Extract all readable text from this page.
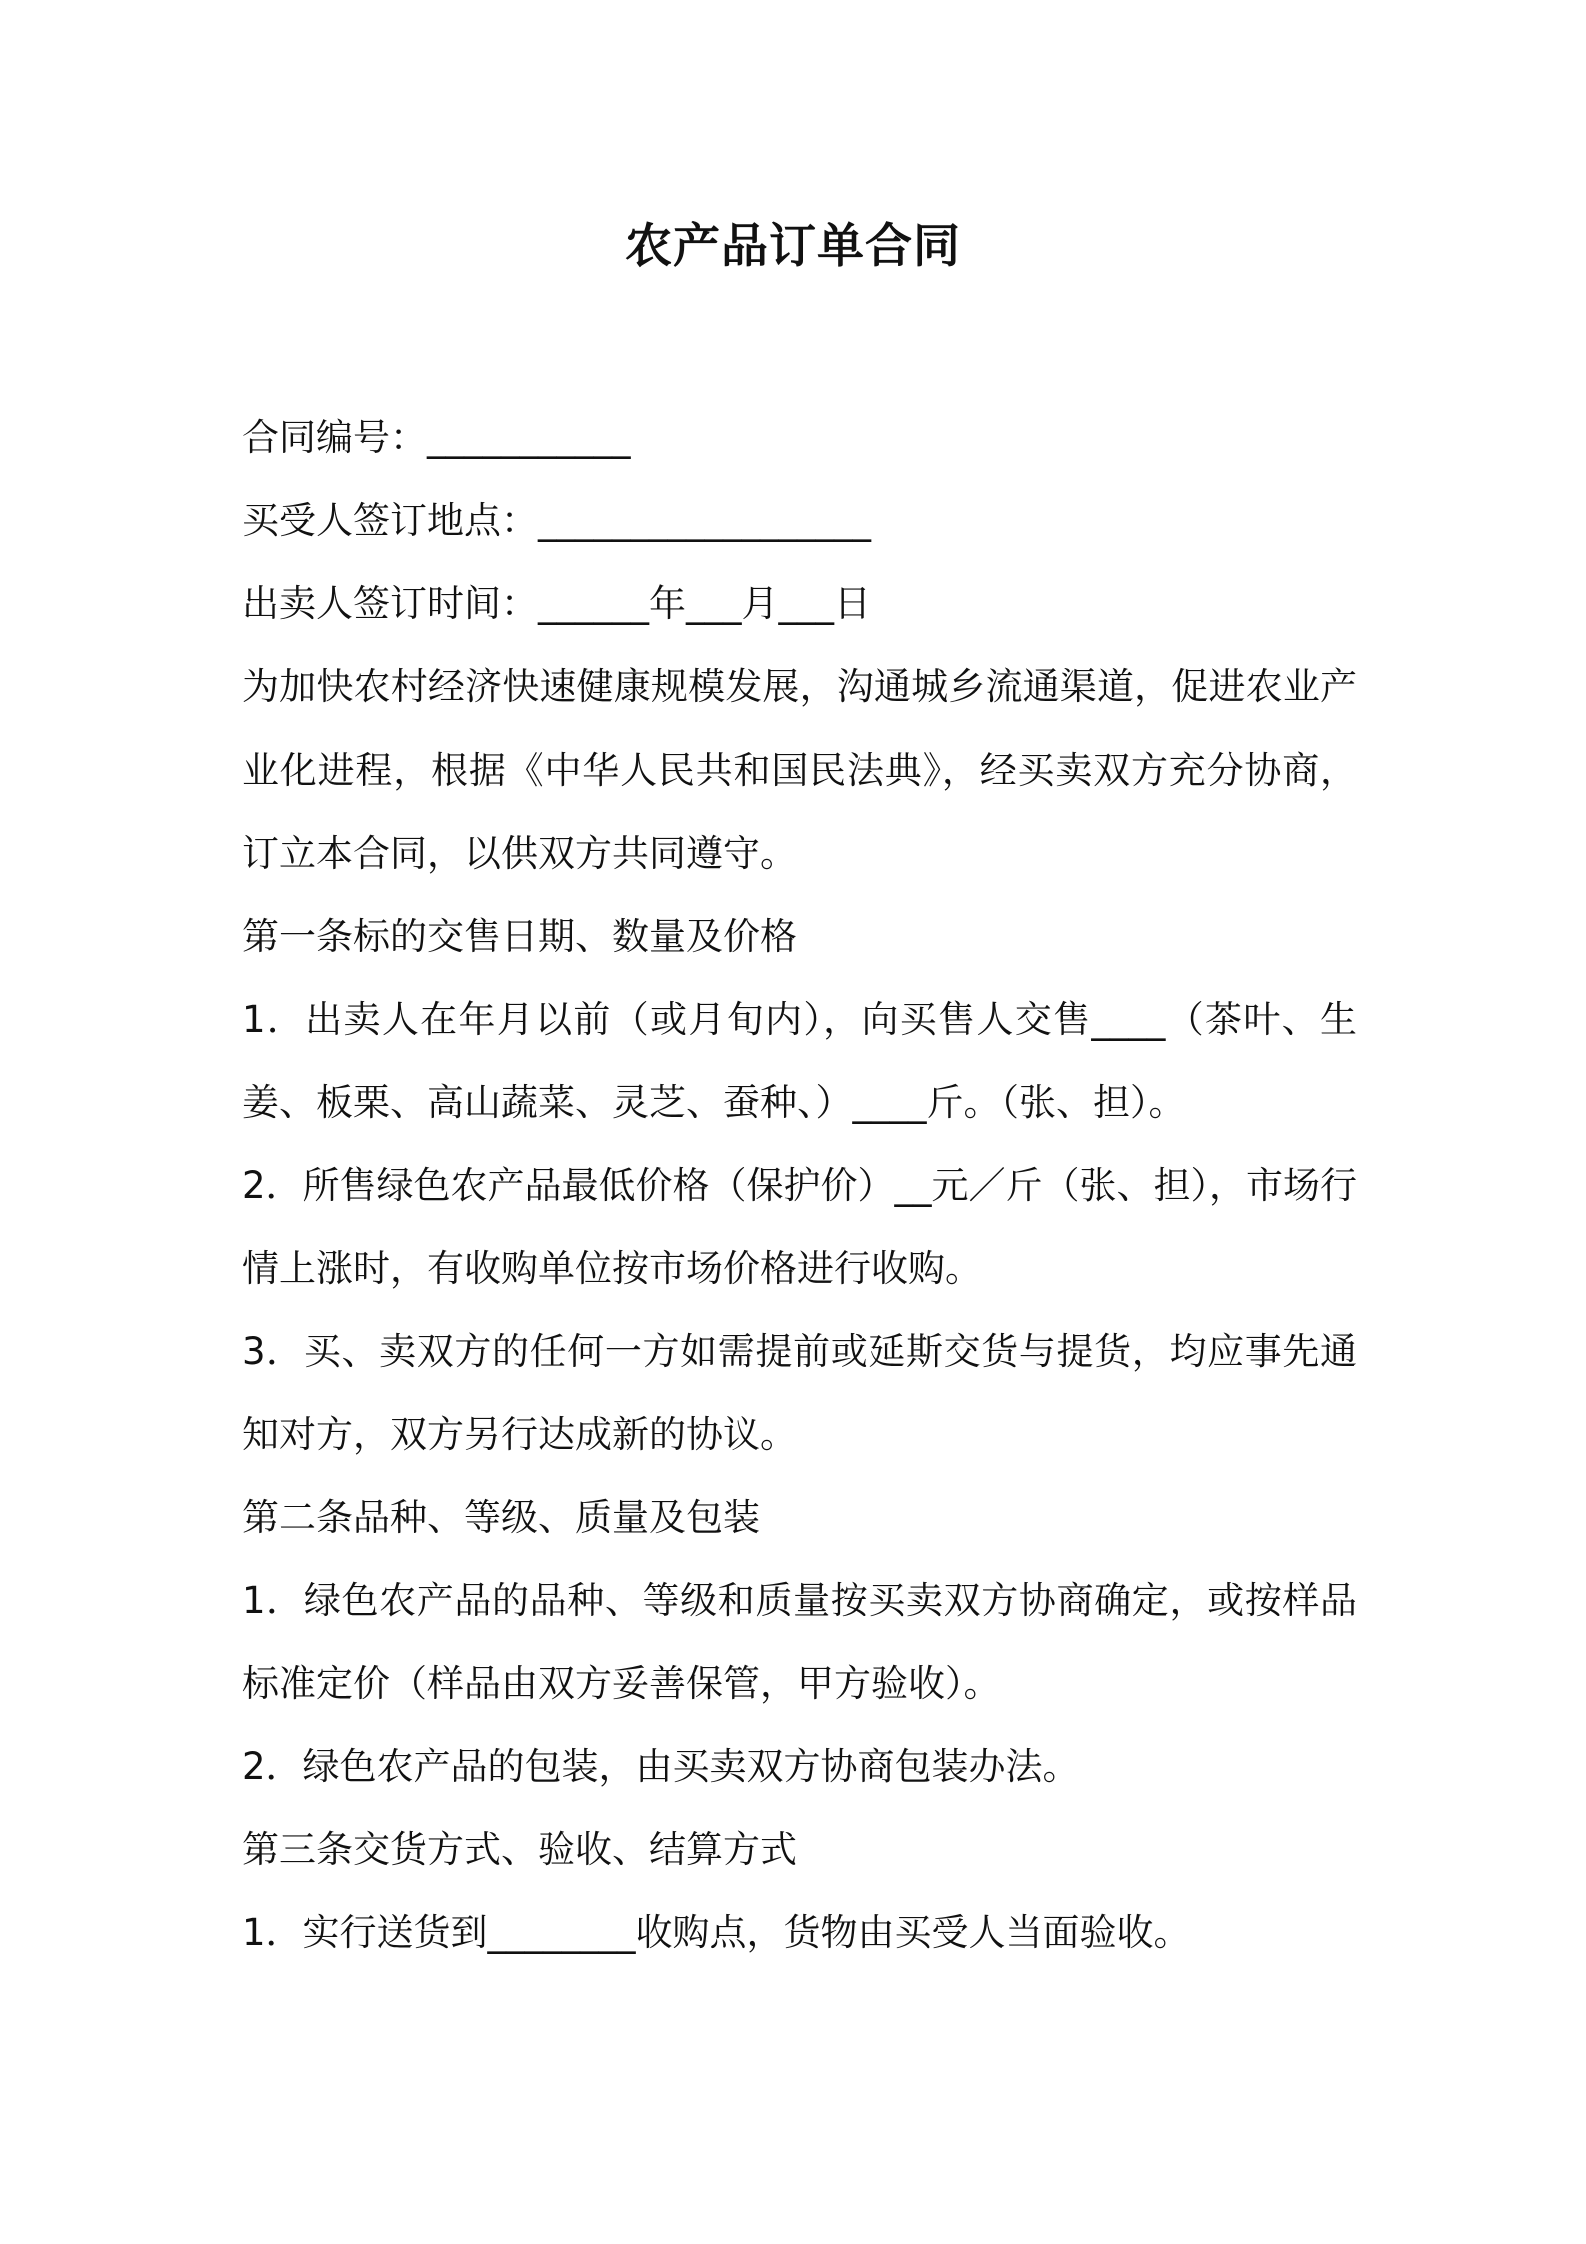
农产品订单合同
合同编号：___________
买受人签订地点：__________________
出卖人签订时间：______年___月___日
为加快农村经济快速健康规模发展，沟通城乡流通渠道，促进农业产
业化进程，根据《中华人民共和国民法典》，经买卖双方充分协商，
订立本合同，以供双方共同遵守。
第一条标的交售日期、数量及价格
1．出卖人在年月以前（或月旬内），向买售人交售____（茶叶、生
姜、板栗、高山蔬菜、灵芝、蚕种、）____斤。（张、担）。
2．所售绿色农产品最低价格（保护价）__元／斤（张、担），市场行
情上涨时，有收购单位按市场价格进行收购。
3．买、卖双方的任何一方如需提前或延斯交货与提货，均应事先通
知对方，双方另行达成新的协议。
第二条品种、等级、质量及包装
1．绿色农产品的品种、等级和质量按买卖双方协商确定，或按样品
标准定价（样品由双方妥善保管，甲方验收）。
2．绿色农产品的包装，由买卖双方协商包装办法。
第三条交货方式、验收、结算方式
1．实行送货到________收购点，货物由买受人当面验收。
